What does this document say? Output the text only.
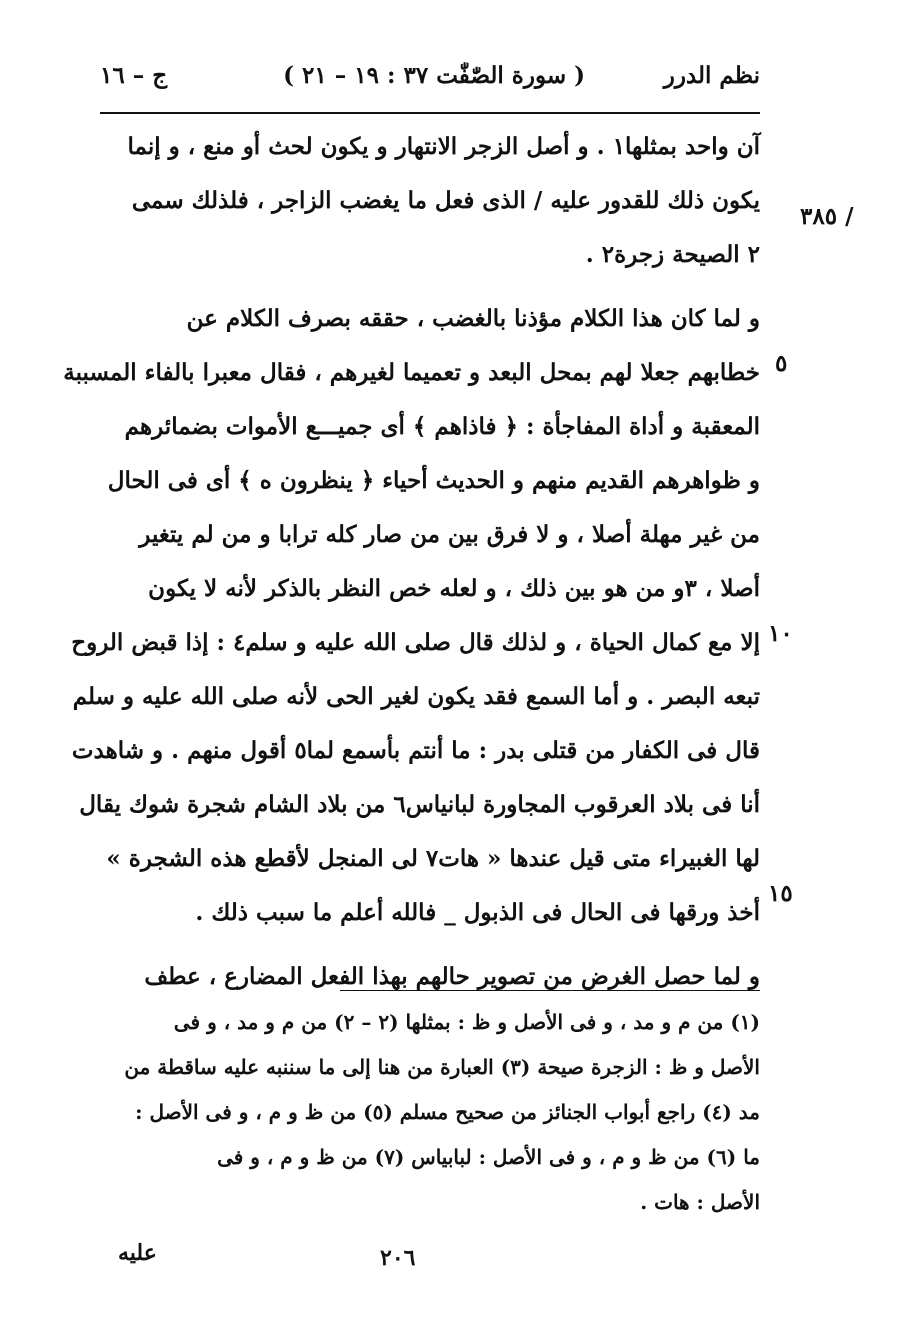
نظم الدرر
( سورة الصّٰفّٰت ٣٧ : ١٩ – ٢١ )
ج – ١٦
/ ٣٨٥
٥
١٠
١٥
آن واحد بمثلها١ . و أصل الزجر الانتهار و يكون لحث أو منع ، و إنما
يكون ذلك للقدور عليه / الذى فعل ما يغضب الزاجر ، فلذلك سمى
٢ الصيحة زجرة٢ .
و لما كان هذا الكلام مؤذنا بالغضب ، حققه بصرف الكلام عن
خطابهم جعلا لهم بمحل البعد و تعميما لغيرهم ، فقال معبرا بالفاء المسببة
المعقبة و أداة المفاجأة : ﴿ فاذاهم ﴾ أى جميـــع الأموات بضمائرهم
و ظواهرهم القديم منهم و الحديث أحياء ﴿ ينظرون ه ﴾ أى فى الحال
من غير مهلة أصلا ، و لا فرق بين من صار كله ترابا و من لم يتغير
أصلا ، ٣و من هو بين ذلك ، و لعله خص النظر بالذكر لأنه لا يكون
إلا مع كمال الحياة ، و لذلك قال صلى الله عليه و سلم٤ : إذا قبض الروح
تبعه البصر . و أما السمع فقد يكون لغير الحى لأنه صلى الله عليه و سلم
قال فى الكفار من قتلى بدر : ما أنتم بأسمع لما٥ أقول منهم . و شاهدت
أنا فى بلاد العرقوب المجاورة لبانياس٦ من بلاد الشام شجرة شوك يقال
لها الغبيراء متى قيل عندها « هات٧ لى المنجل لأقطع هذه الشجرة »
أخذ ورقها فى الحال فى الذبول _ فالله أعلم ما سبب ذلك .
و لما حصل الغرض من تصوير حالهم بهذا الفعل المضارع ، عطف
(١) من م و مد ، و فى الأصل و ظ : بمثلها (٢ – ٢) من م و مد ، و فى
الأصل و ظ : الزجرة صيحة (٣) العبارة من هنا إلى ما سننبه عليه ساقطة من
مد (٤) راجع أبواب الجنائز من صحيح مسلم (٥) من ظ و م ، و فى الأصل :
ما (٦) من ظ و م ، و فى الأصل : لبابياس (٧) من ظ و م ، و فى
الأصل : هات .
٢٠٦
عليه
